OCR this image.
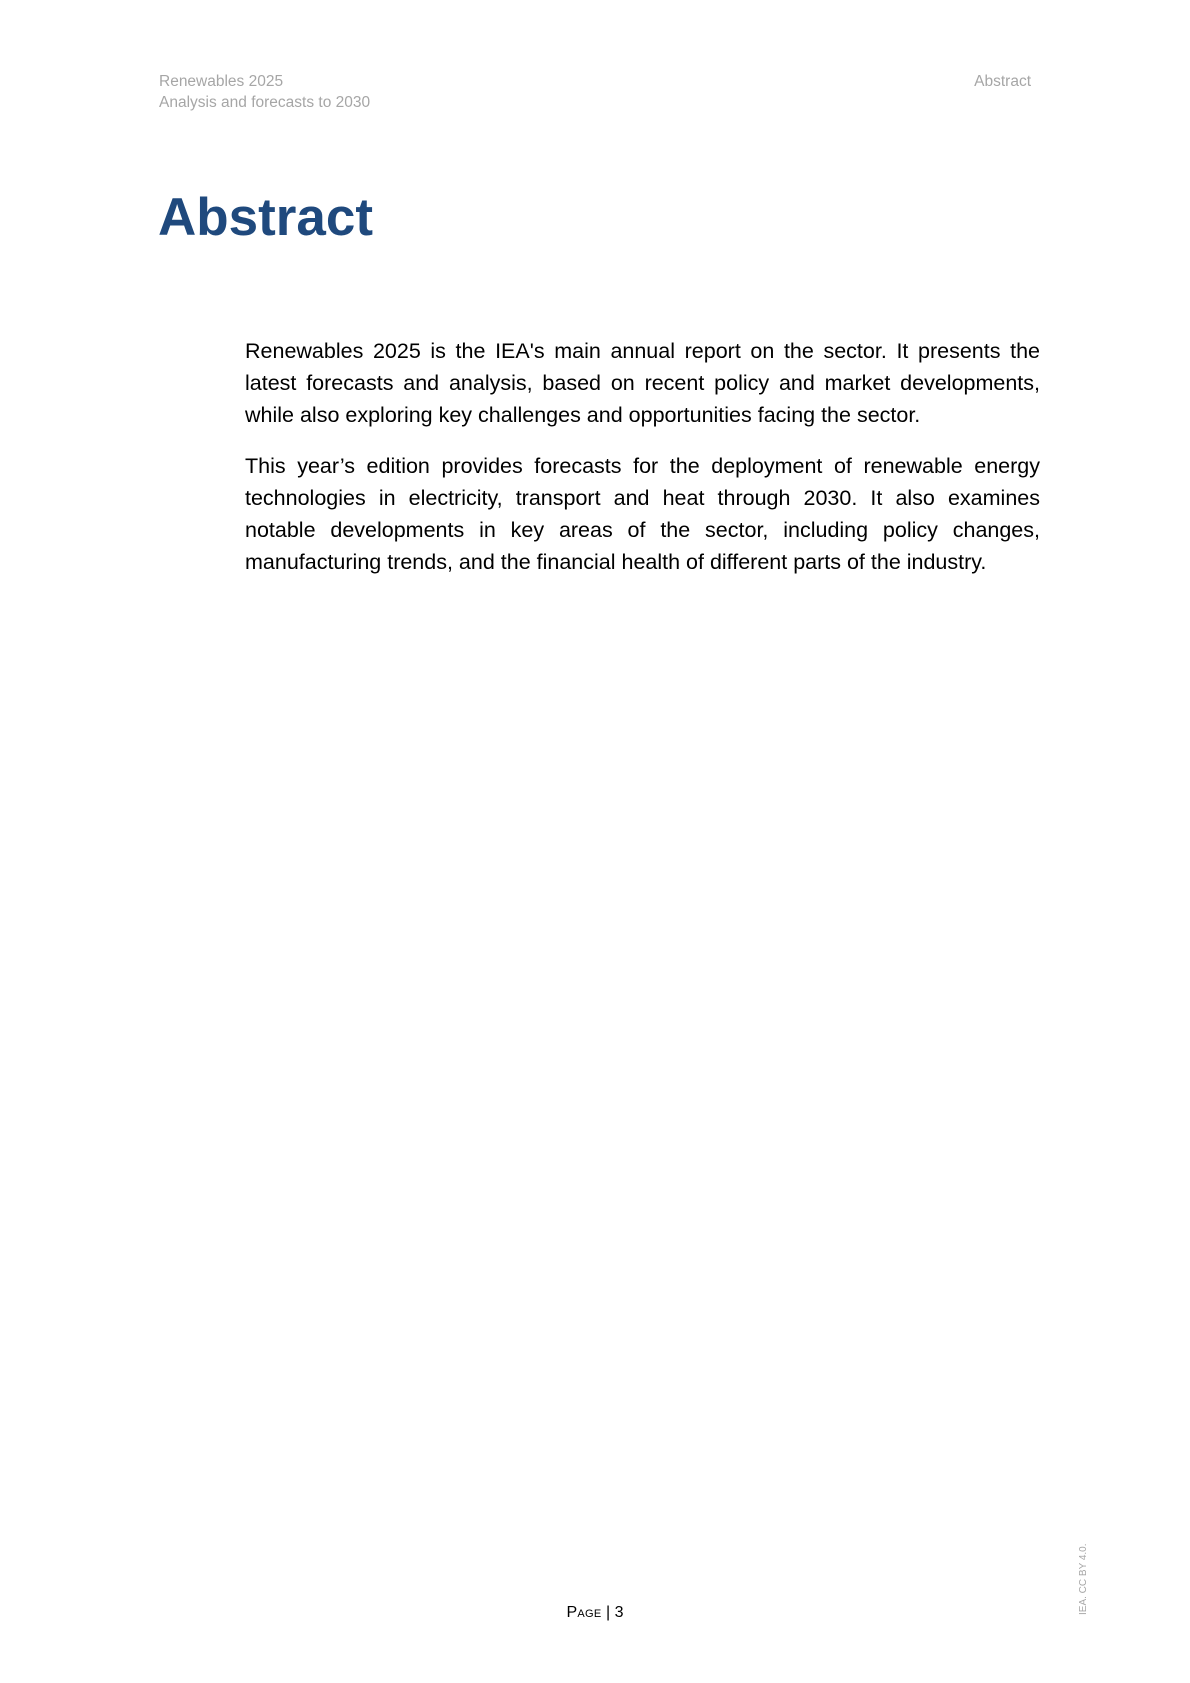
Renewables 2025
Analysis and forecasts to 2030
Abstract
Abstract

Renewables 2025 is the IEA's main annual report on the sector. It presents the latest forecasts and analysis, based on recent policy and market developments, while also exploring key challenges and opportunities facing the sector.

This year’s edition provides forecasts for the deployment of renewable energy technologies in electricity, transport and heat through 2030. It also examines notable developments in key areas of the sector, including policy changes, manufacturing trends, and the financial health of different parts of the industry.

Page | 3	IEA. CC BY 4.0.
